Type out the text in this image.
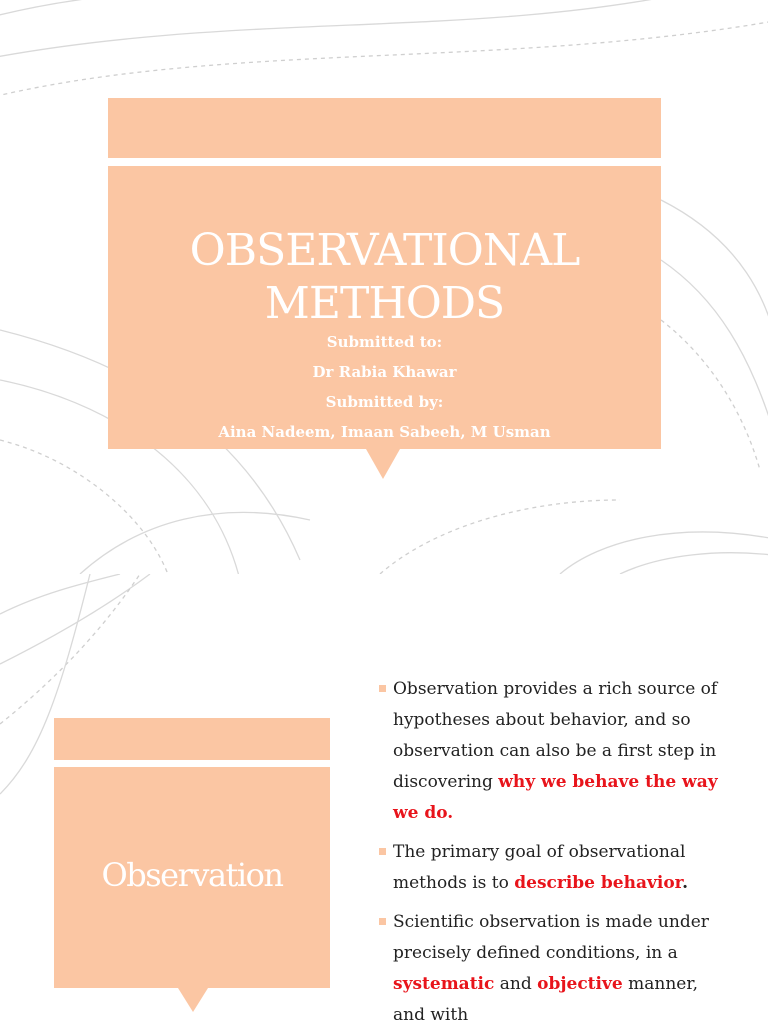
OBSERVATIONAL
METHODS
Submitted to:
Dr Rabia Khawar
Submitted by:
Aina Nadeem, Imaan Sabeeh, M Usman
Observation
Observation provides a rich source of hypotheses about behavior, and so observation can also be a first step in discovering why we behave the way we do.
The primary goal of observational methods is to describe behavior.
Scientific observation is made under precisely defined conditions, in a systematic and objective manner, and with
